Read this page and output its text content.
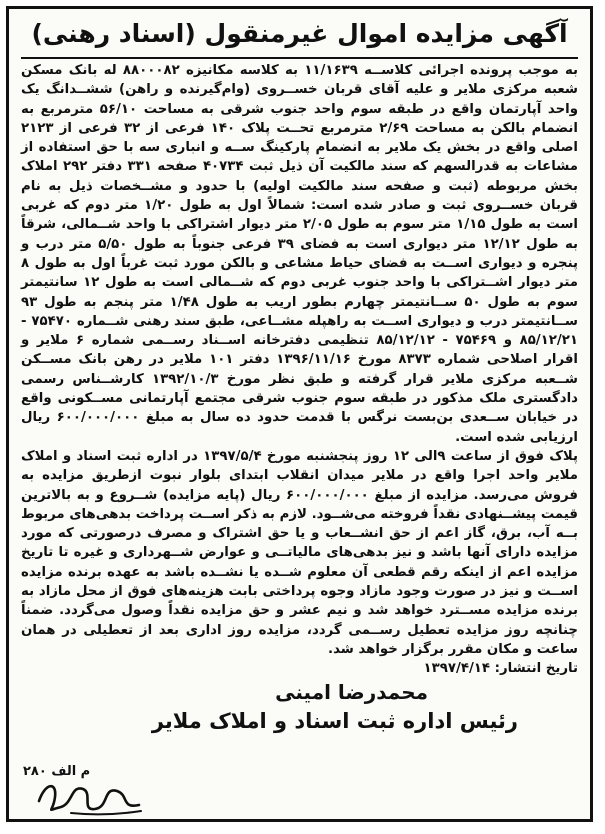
آگهی مزایده اموال غیرمنقول (اسناد رهنی)

به موجب پرونده اجرائی کلاســه ۱۱/۱۶۳۹ به کلاسه مکانیزه ۸۸۰۰۰۸۲ له بانک مسکن شعبه مرکزی ملایر و علیه آقای قربان خســروی (وام‌گیرنده و راهن) ششــدانگ یک واحد آپارتمان واقع در طبقه سوم واحد جنوب شرقی به مساحت ۵۶/۱۰ مترمربع به انضمام بالکن به مساحت ۲/۶۹ مترمربع تحــت پلاک ۱۴۰ فرعی از ۳۲ فرعی از ۲۱۲۳ اصلی واقع در بخش یک ملایر به انضمام پارکینگ ســه و انباری سه با حق استفاده از مشاعات به قدرالسهم که سند مالکیت آن ذیل ثبت ۴۰۷۳۴ صفحه ۳۳۱ دفتر ۲۹۲ املاک بخش مربوطه (ثبت و صفحه سند مالکیت اولیه) با حدود و مشــخصات ذیل به نام قربان خســروی ثبت و صادر شده است: شمالاً اول به طول ۱/۲۰ متر دوم که غربی است به طول ۱/۱۵ متر سوم به طول ۲/۰۵ متر دیوار اشتراکی با واحد شــمالی، شرقاً به طول ۱۲/۱۲ متر دیواری است به فضای ۳۹ فرعی جنوباً به طول ۵/۵۰ متر درب و پنجره و دیواری اســت به فضای حیاط مشاعی و بالکن مورد ثبت غرباً اول به طول ۸ متر دیوار اشــتراکی با واحد جنوب غربی دوم که شــمالی است به طول ۱۲ سانتیمتر سوم به طول ۵۰ ســانتیمتر چهارم بطور اریب به طول ۱/۴۸ متر پنجم به طول ۹۳ ســانتیمتر درب و دیواری اســت به راهپله مشــاعی، طبق سند رهنی شــماره ۷۵۴۷۰ - ۸۵/۱۲/۲۱ و ۷۵۴۶۹ - ۸۵/۱۲/۱۲ تنظیمی دفترخانه اســناد رســمی شماره ۶ ملایر و اقرار اصلاحی شماره ۸۳۷۳ مورخ ۱۳۹۶/۱۱/۱۶ دفتر ۱۰۱ ملایر در رهن بانک مســکن شــعبه مرکزی ملایر قرار گرفته و طبق نظر مورخ ۱۳۹۲/۱۰/۳ کارشــناس رسمی دادگستری ملک مذکور در طبقه سوم جنوب شرقی مجتمع آپارتمانی مســکونی واقع در خیابان ســعدی بن‌بست نرگس با قدمت حدود ده سال به مبلغ ۶۰۰/۰۰۰/۰۰۰ ریال ارزیابی شده است.

پلاک فوق از ساعت ۹الی ۱۲ روز پنجشنبه مورخ ۱۳۹۷/۵/۴ در اداره ثبت اسناد و املاک ملایر واحد اجرا واقع در ملایر میدان انقلاب ابتدای بلوار نبوت ازطریق مزایده به فروش می‌رسد. مزایده از مبلغ ۶۰۰/۰۰۰/۰۰۰ ریال (پایه مزایده) شــروع و به بالاترین قیمت پیشــنهادی نقداً فروخته می‌شــود. لازم به ذکر اســت پرداخت بدهی‌های مربوط بــه آب، برق، گاز اعم از حق انشــعاب و یا حق اشتراک و مصرف درصورتی که مورد مزایده دارای آنها باشد و نیز بدهی‌های مالیاتــی و عوارض شــهرداری و غیره تا تاریخ مزایده اعم از اینکه رقم قطعی آن معلوم شــده یا نشــده باشد به عهده برنده مزایده اســت و نیز در صورت وجود مازاد وجوه پرداختی بابت هزینه‌های فوق از محل مازاد به برنده مزایده مســترد خواهد شد و نیم عشر و حق مزایده نقداً وصول می‌گردد. ضمناً چنانچه روز مزایده تعطیل رســمی گردد، مزایده روز اداری بعد از تعطیلی در همان ساعت و مکان مقرر برگزار خواهد شد.

تاریخ انتشار: ۱۳۹۷/۴/۱۴
محمدرضا امینی
رئیس اداره ثبت اسناد و املاک ملایر
م الف ۲۸۰
